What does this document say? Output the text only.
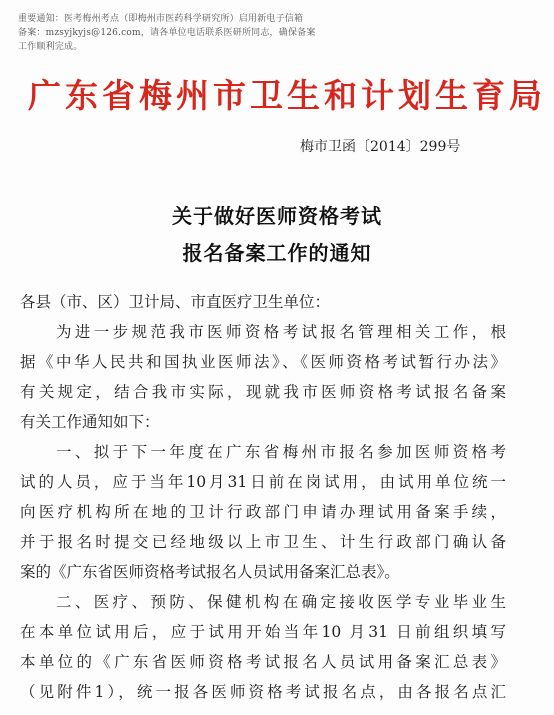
重要通知：医考梅州考点（即梅州市医药科学研究所）启用新电子信箱
备案：mzsyjkyjs@126.com，请各单位电话联系医研所同志，确保备案
工作顺利完成。
广东省梅州市卫生和计划生育局
梅市卫函〔2014〕299号
关于做好医师资格考试
报名备案工作的通知
各县（市、区）卫计局、市直医疗卫生单位：
为进一步规范我市医师资格考试报名管理相关工作，根
据《中华人民共和国执业医师法》、《医师资格考试暂行办法》
有关规定，结合我市实际，现就我市医师资格考试报名备案
有关工作通知如下：
一、拟于下一年度在广东省梅州市报名参加医师资格考
试的人员，应于当年10月31日前在岗试用，由试用单位统一
向医疗机构所在地的卫计行政部门申请办理试用备案手续，
并于报名时提交已经地级以上市卫生、计生行政部门确认备
案的《广东省医师资格考试报名人员试用备案汇总表》。
二、医疗、预防、保健机构在确定接收医学专业毕业生
在本单位试用后，应于试用开始当年10 月31 日前组织填写
本单位的《广东省医师资格考试报名人员试用备案汇总表》
（见附件1），统一报各医师资格考试报名点，由各报名点汇
